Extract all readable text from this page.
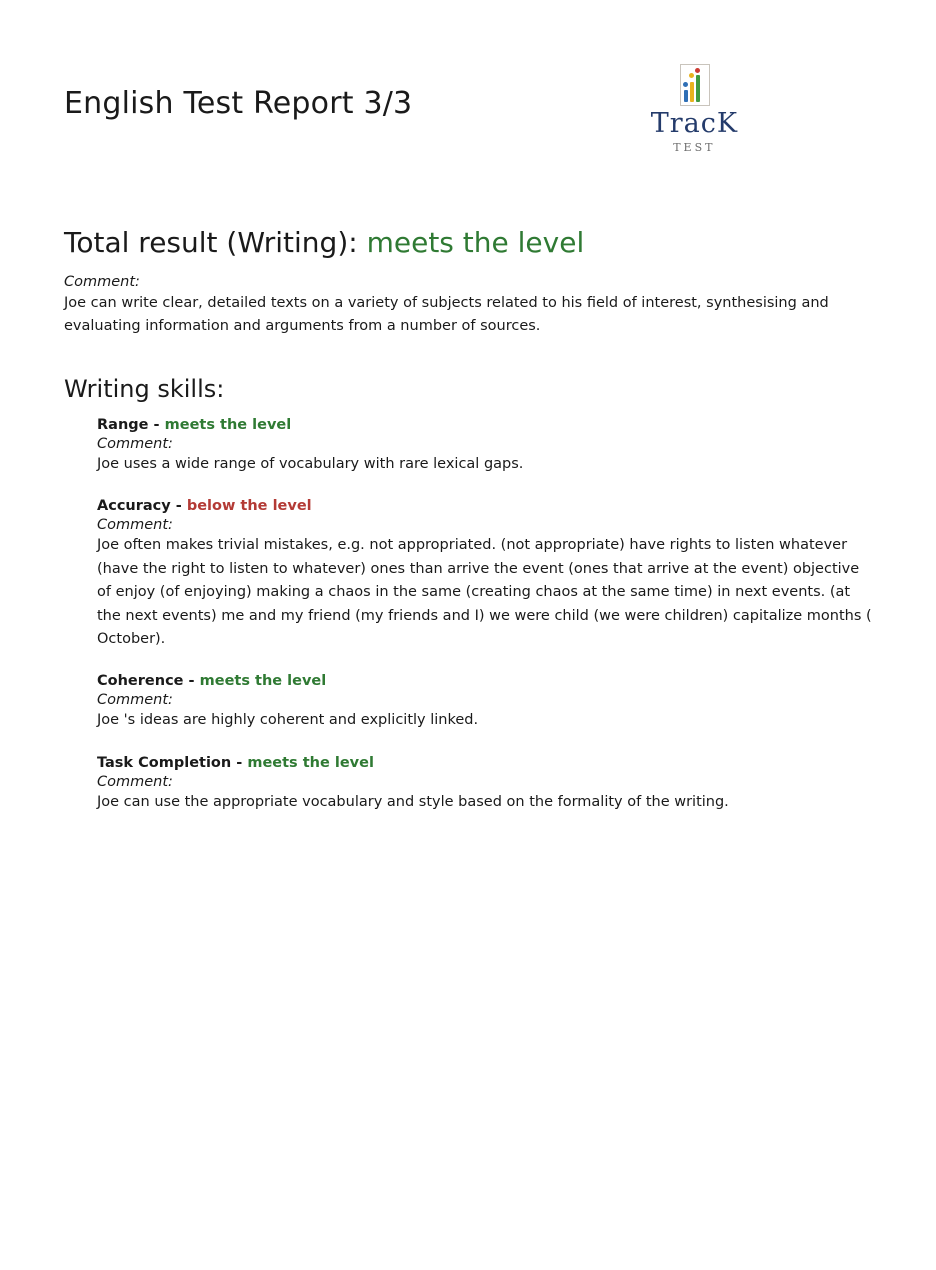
English Test Report 3/3
TracK
TEST
Total result (Writing): meets the level
Comment:

Joe can write clear, detailed texts on a variety of subjects related to his field of interest, synthesising and evaluating information and arguments from a number of sources.

Writing skills:
Range - meets the level
Comment:

Joe uses a wide range of vocabulary with rare lexical gaps.

Accuracy - below the level
Comment:

Joe often makes trivial mistakes, e.g. not appropriated. (not appropriate) have rights to listen whatever (have the right to listen to whatever) ones than arrive the event (ones that arrive at the event) objective of enjoy (of enjoying) making a chaos in the same (creating chaos at the same time) in next events. (at the next events) me and my friend (my friends and I) we were child (we were children) capitalize months ( October).

Coherence - meets the level
Comment:

Joe 's ideas are highly coherent and explicitly linked.

Task Completion - meets the level
Comment:

Joe can use the appropriate vocabulary and style based on the formality of the writing.
